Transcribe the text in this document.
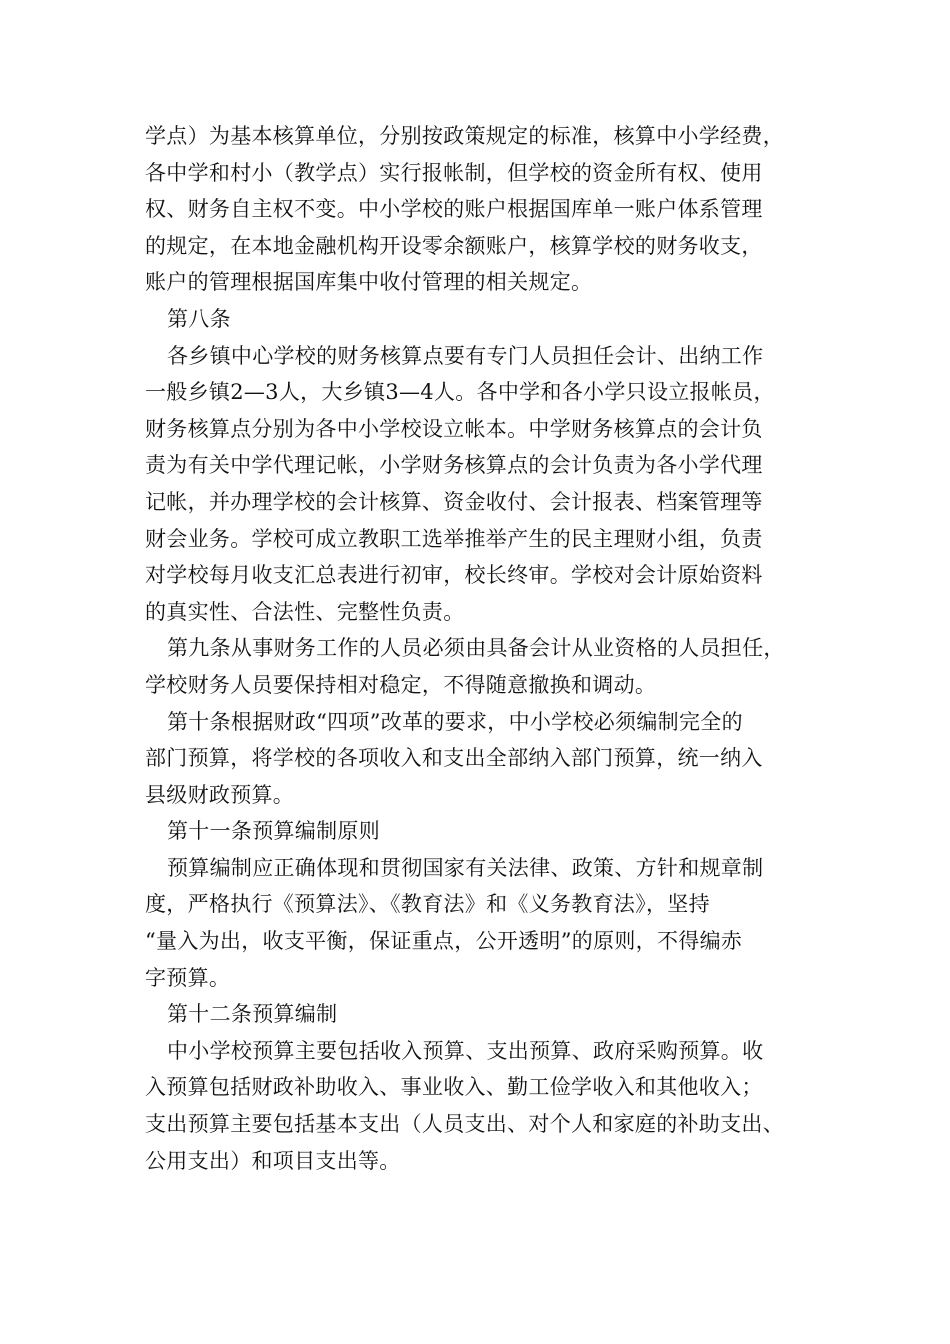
学点）为基本核算单位，分别按政策规定的标准，核算中小学经费，
各中学和村小（教学点）实行报帐制，但学校的资金所有权、使用
权、财务自主权不变。中小学校的账户根据国库单一账户体系管理
的规定，在本地金融机构开设零余额账户，核算学校的财务收支，
账户的管理根据国库集中收付管理的相关规定。

第八条

各乡镇中心学校的财务核算点要有专门人员担任会计、出纳工作
一般乡镇2—3人，大乡镇3—4人。各中学和各小学只设立报帐员，
财务核算点分别为各中小学校设立帐本。中学财务核算点的会计负
责为有关中学代理记帐，小学财务核算点的会计负责为各小学代理
记帐，并办理学校的会计核算、资金收付、会计报表、档案管理等
财会业务。学校可成立教职工选举推举产生的民主理财小组，负责
对学校每月收支汇总表进行初审，校长终审。学校对会计原始资料
的真实性、合法性、完整性负责。

第九条从事财务工作的人员必须由具备会计从业资格的人员担任，
学校财务人员要保持相对稳定，不得随意撤换和调动。

第十条根据财政“四项”改革的要求，中小学校必须编制完全的
部门预算，将学校的各项收入和支出全部纳入部门预算，统一纳入
县级财政预算。

第十一条预算编制原则

预算编制应正确体现和贯彻国家有关法律、政策、方针和规章制
度，严格执行《预算法》、《教育法》和《义务教育法》，坚持
“量入为出，收支平衡，保证重点，公开透明”的原则，不得编赤
字预算。

第十二条预算编制

中小学校预算主要包括收入预算、支出预算、政府采购预算。收
入预算包括财政补助收入、事业收入、勤工俭学收入和其他收入；
支出预算主要包括基本支出（人员支出、对个人和家庭的补助支出、
公用支出）和项目支出等。
